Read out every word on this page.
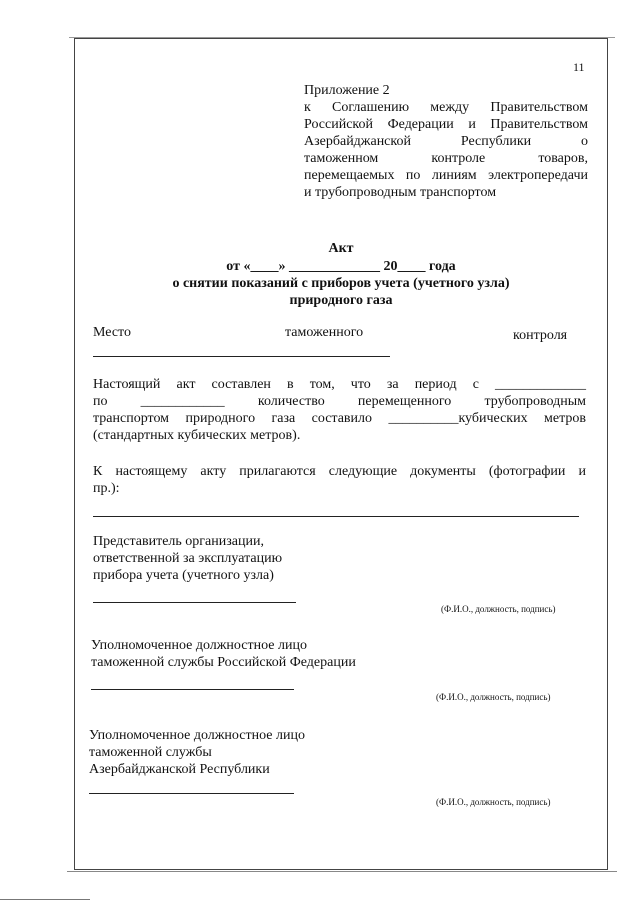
11
Приложение 2
к Соглашению между Правительством
Российской Федерации и Правительством
Азербайджанской	Республики	о
таможенном	контроле	товаров,
перемещаемых по линиям электропередачи
и трубопроводным транспортом
Акт
от «____» _____________ 20____ года
о снятии показаний с приборов учета (учетного узла)
природного газа
Место	таможенного	контроля
Настоящий акт составлен в том, что за период с _____________
по ____________ количество перемещенного трубопроводным
транспортом природного газа составило __________кубических метров
(стандартных кубических метров).
К настоящему акту прилагаются следующие документы (фотографии и
пр.):
Представитель организации,
ответственной за эксплуатацию
прибора учета (учетного узла)
(Ф.И.О., должность, подпись)
Уполномоченное должностное лицо
таможенной службы Российской Федерации
(Ф.И.О., должность, подпись)
Уполномоченное должностное лицо
таможенной службы
Азербайджанской Республики
(Ф.И.О., должность, подпись)
